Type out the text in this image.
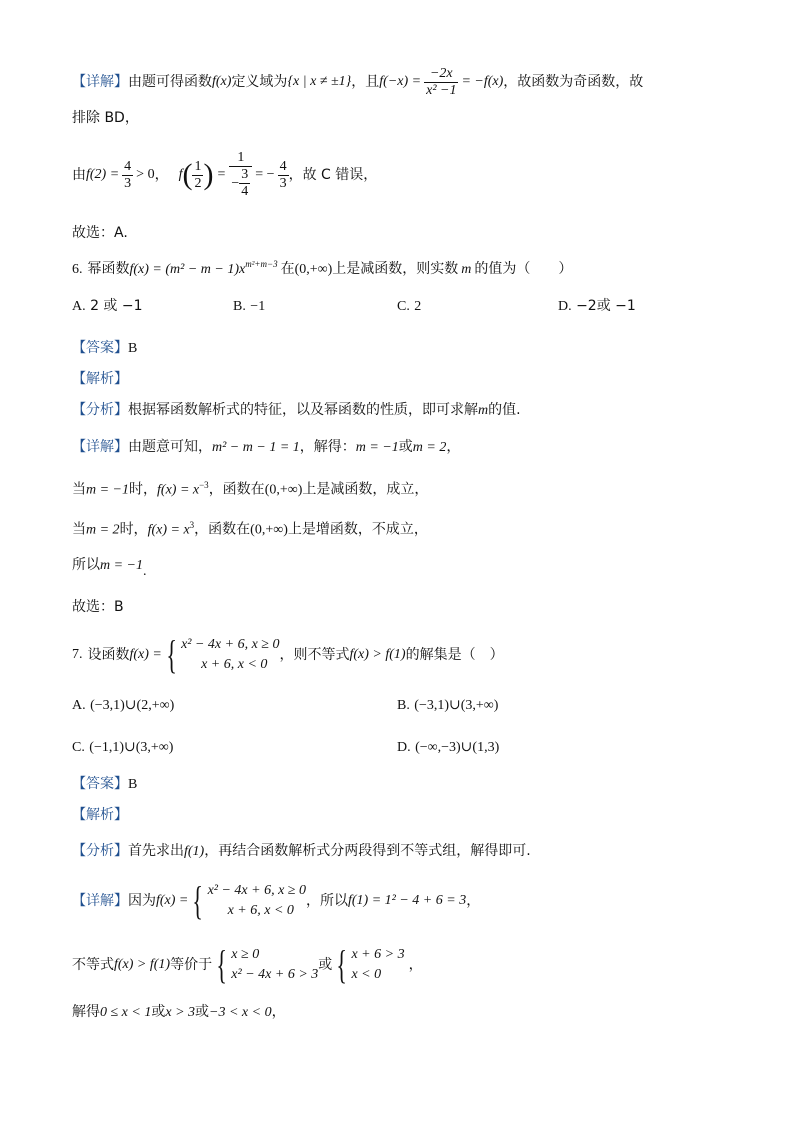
【详解】 由题可得函数 f(x) 定义域为 {x | x ≠ ±1} ，且 $f(-x) = \frac{-2x}{\text{x² −1}} = -f(x)$ ，故函数为奇函数，故
排除 BD，
由 $f(2) = \frac{4}{3} > 0$ ， f ( $\frac{1}{2}$ ) = $\frac{1}{- \frac{3}{4}}$ = − $\frac{4}{3}$ ，故 C 错误，
故选：A.
6. 幂函数 $f(x) = (m^2 - m - 1)x^{m^2+m-3}$ 在 (0,+∞) 上是减函数，则实数 m 的值为（　　）
A. 2 或 −1	B. −1	C. 2	D. −2或 −1
【答案】B
【解析】
【分析】根据幂函数解析式的特征，以及幂函数的性质，即可求解m的值.
【详解】由题意可知，m² − m − 1 = 1，解得：m = −1或m = 2，
当m = −1时，$f(x) = x^{-3}$，函数在(0,+∞)上是减函数，成立，
当m = 2时，$f(x) = x^3$，函数在(0,+∞)上是增函数，不成立，
所以m = −1.
故选：B
7. 设函数 f(x) = { x² − 4x + 6, x ≥ 0
x + 6, x < 0
，则不等式 f(x) > f(1) 的解集是（　）
A. (−3,1)∪(2,+∞)	B. (−3,1)∪(3,+∞)
C. (−1,1)∪(3,+∞)	D. (−∞,−3)∪(1,3)
【答案】B
【解析】
【分析】首先求出f(1)，再结合函数解析式分两段得到不等式组，解得即可.
【详解】 因为 f(x) = { x² − 4x + 6, x ≥ 0
x + 6, x < 0
，所以 f(1) = 1² − 4 + 6 = 3 ，
不等式 f(x) > f(1) 等价于 { x ≥ 0
x² − 4x + 6 > 3
或 { x + 6 > 3
x < 0
，
解得0 ≤ x < 1或x > 3或−3 < x < 0，
